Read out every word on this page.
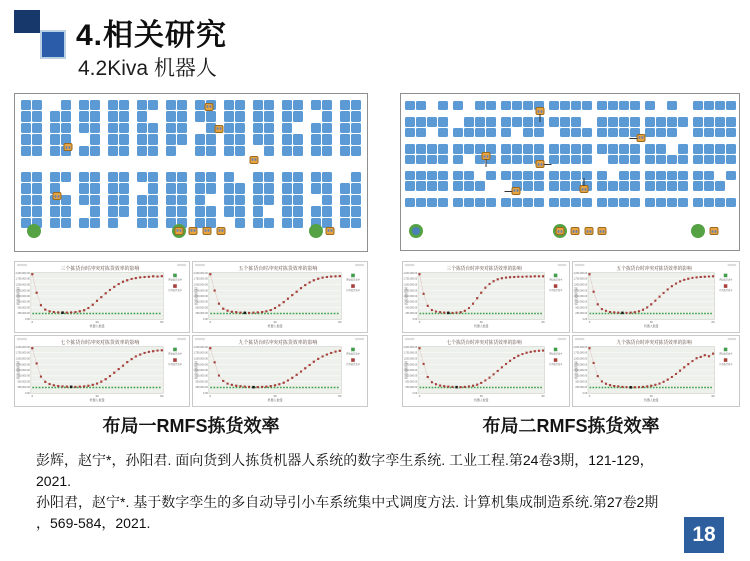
4.相关研究
4.2Kiva 机器人
三个拣货台时冲突对拣货效率的影响
2,000,000.00
1,750,000.00
1,500,000.00
1,250,000.00
1,000,000.00
750,000.00
500,000.00
250,000.00
0.00
0	30	60
机器人数量
拣货完成时间
理论拣货效率
仿真拣货效率
五个拣货台时冲突对拣货效率的影响
2,000,000.00
1,750,000.00
1,500,000.00
1,250,000.00
1,000,000.00
750,000.00
500,000.00
250,000.00
0.00
0	30	60
机器人数量
拣货完成时间
理论拣货效率
仿真拣货效率
七个拣货台时冲突对拣货效率的影响
2,000,000.00
1,750,000.00
1,500,000.00
1,250,000.00
1,000,000.00
750,000.00
500,000.00
250,000.00
0.00
0	30	60
机器人数量
拣货完成时间
理论拣货效率
仿真拣货效率
九个拣货台时冲突对拣货效率的影响
2,000,000.00
1,750,000.00
1,500,000.00
1,250,000.00
1,000,000.00
750,000.00
500,000.00
250,000.00
0.00
0	30	60
机器人数量
拣货完成时间
理论拣货效率
仿真拣货效率
三个拣货台时冲突对拣货效率的影响
2,000,000.00
1,750,000.00
1,500,000.00
1,250,000.00
1,000,000.00
750,000.00
500,000.00
250,000.00
0.00
0	30	60
机器人数量
拣货完成时间
理论拣货效率
仿真拣货效率
五个拣货台时冲突对拣货效率的影响
2,000,000.00
1,750,000.00
1,500,000.00
1,250,000.00
1,000,000.00
750,000.00
500,000.00
250,000.00
0.00
0	30	60
机器人数量
拣货完成时间
理论拣货效率
仿真拣货效率
七个拣货台时冲突对拣货效率的影响
2,000,000.00
1,750,000.00
1,500,000.00
1,250,000.00
1,000,000.00
750,000.00
500,000.00
250,000.00
0.00
0	30	60
机器人数量
拣货完成时间
理论拣货效率
仿真拣货效率
九个拣货台时冲突对拣货效率的影响
2,000,000.00
1,750,000.00
1,500,000.00
1,250,000.00
1,000,000.00
750,000.00
500,000.00
250,000.00
0.00
0	30	60
机器人数量
拣货完成时间
理论拣货效率
仿真拣货效率
布局一RMFS拣货效率	布局二RMFS拣货效率
彭辉，赵宁*，孙阳君. 面向货到人拣货机器人系统的数字孪生系统. 工业工程.第24卷3期，121-129，
2021.
孙阳君，赵宁*. 基于数字孪生的多自动导引小车系统集中式调度方法. 计算机集成制造系统.第27卷2期
，569-584，2021.	18
